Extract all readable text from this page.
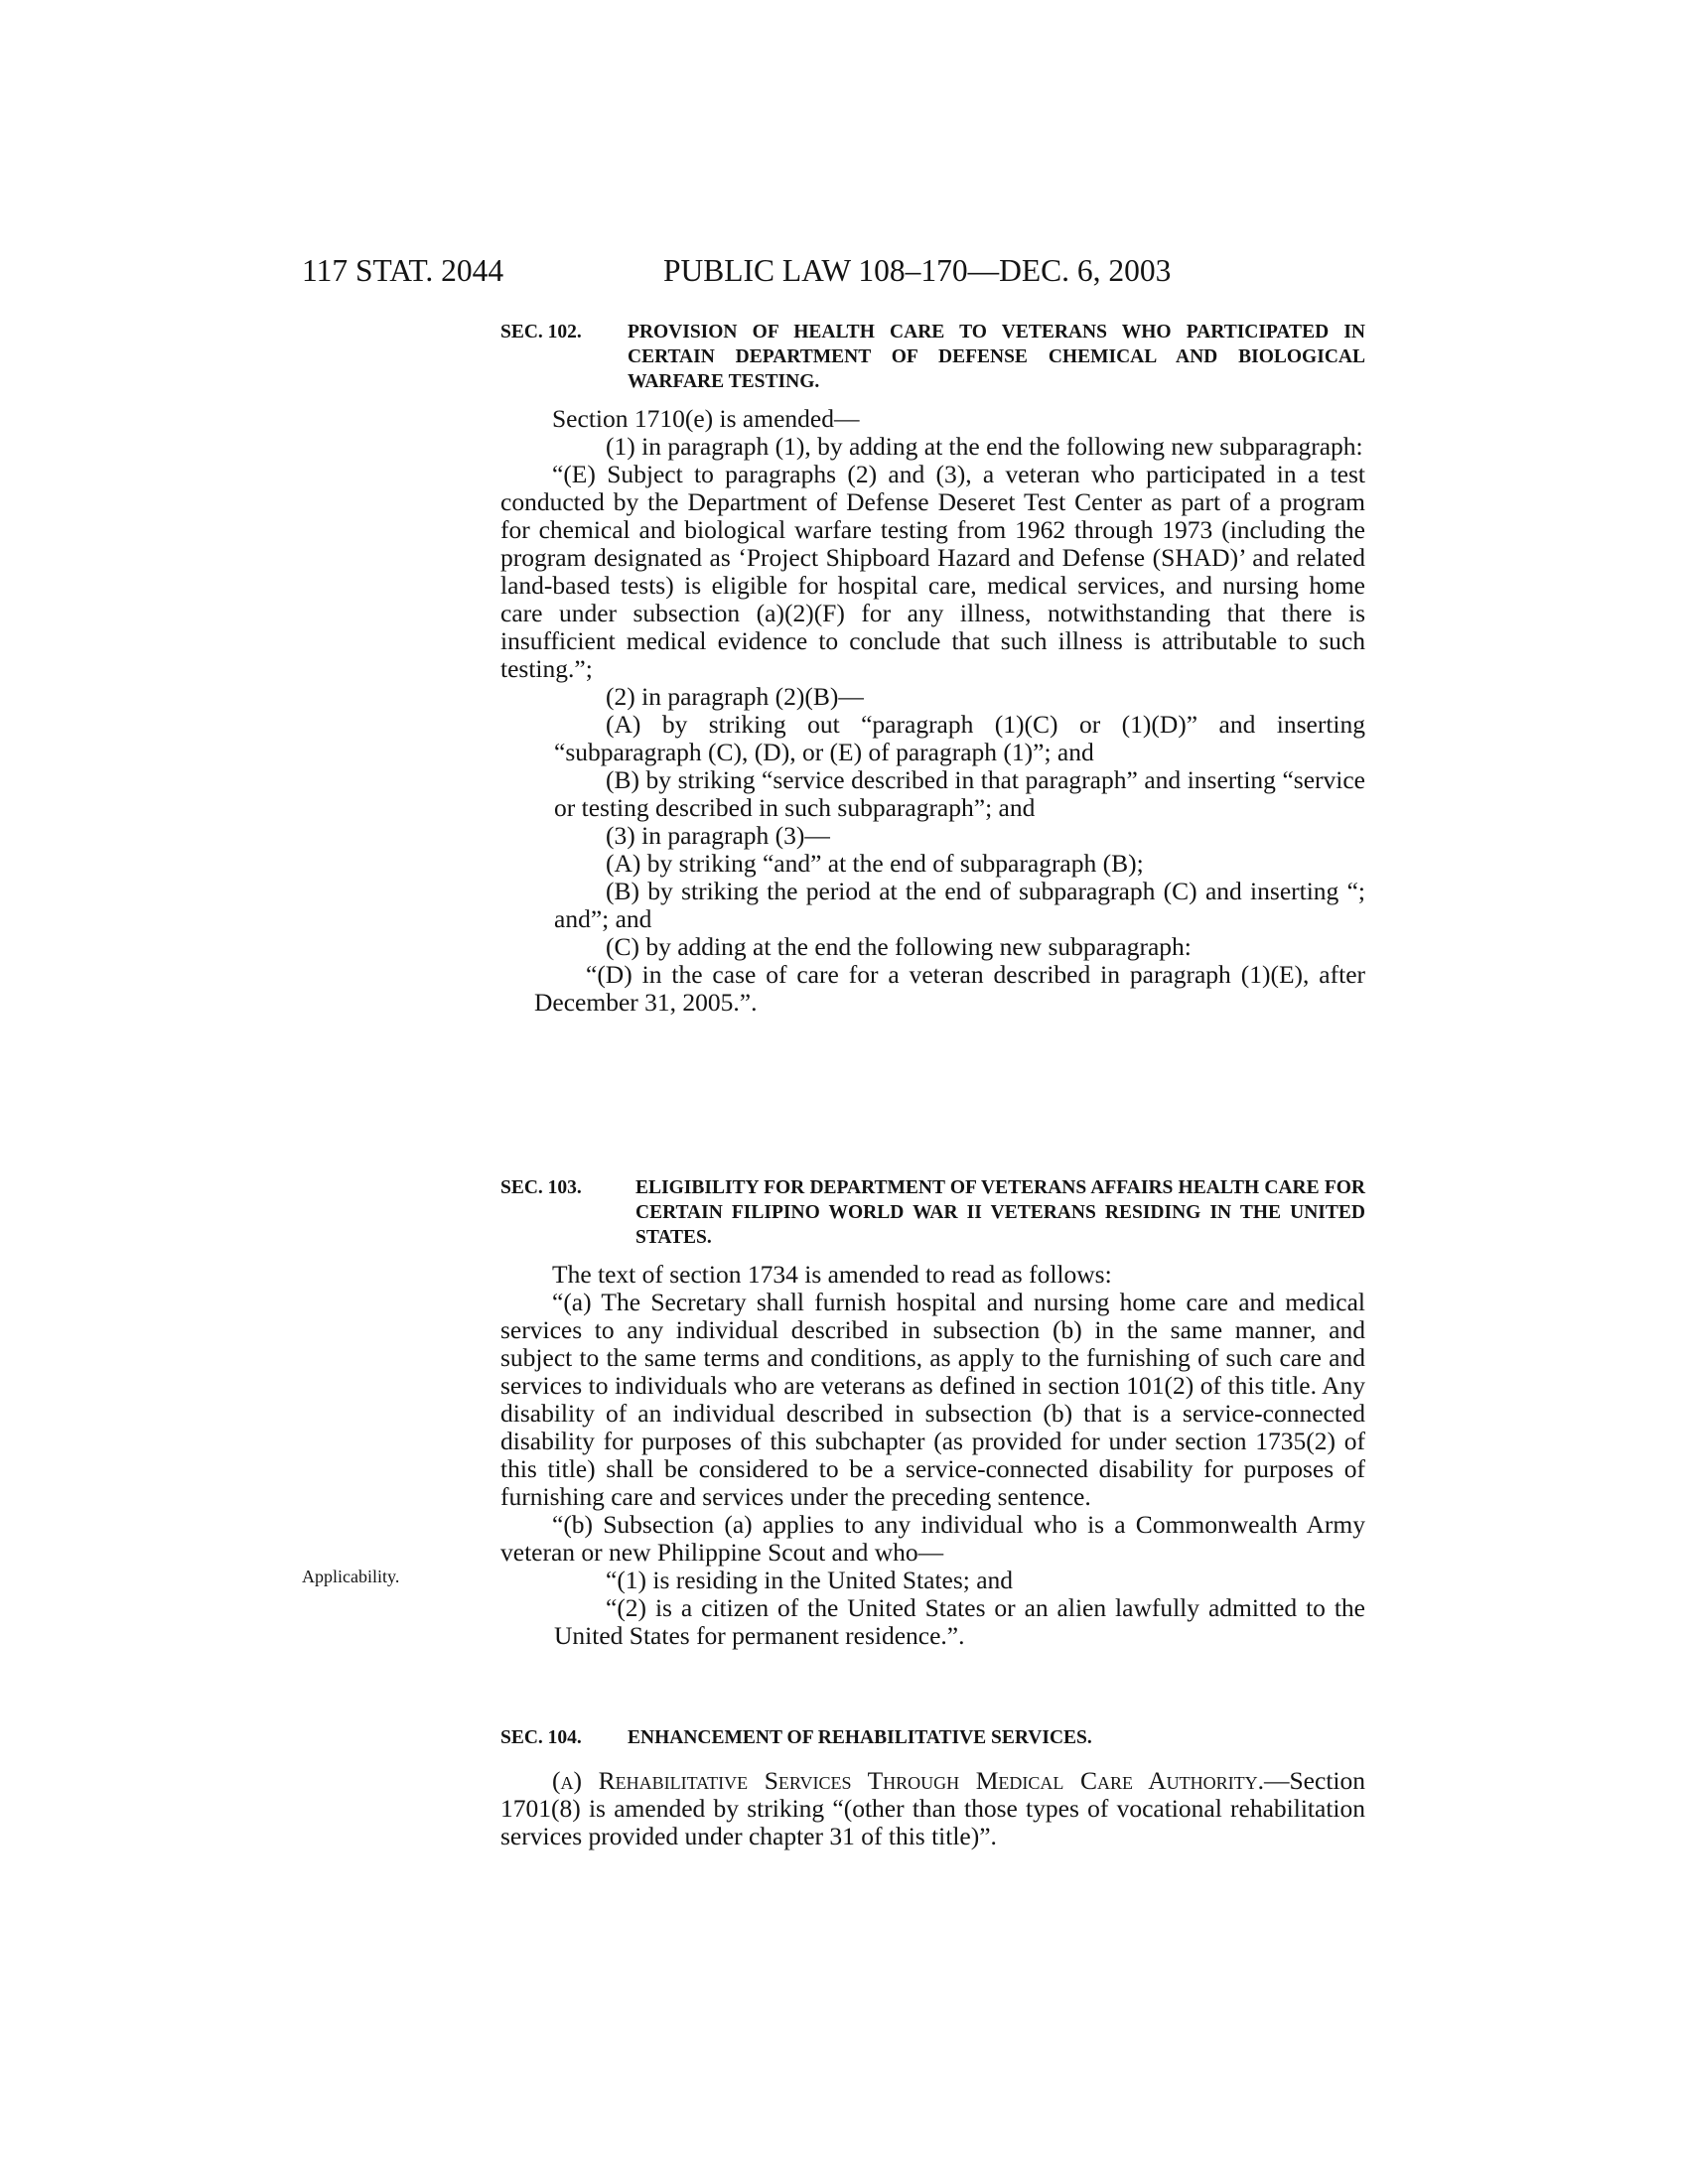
117 STAT. 2044	PUBLIC LAW 108–170—DEC. 6, 2003
SEC. 102.	PROVISION OF HEALTH CARE TO VETERANS WHO PARTICIPATED IN CERTAIN DEPARTMENT OF DEFENSE CHEMICAL AND BIOLOGICAL WARFARE TESTING.

Section 1710(e) is amended—

(1) in paragraph (1), by adding at the end the following new subparagraph:

“(E) Subject to paragraphs (2) and (3), a veteran who participated in a test conducted by the Department of Defense Deseret Test Center as part of a program for chemical and biological warfare testing from 1962 through 1973 (including the program designated as ‘Project Shipboard Hazard and Defense (SHAD)’ and related land-based tests) is eligible for hospital care, medical services, and nursing home care under subsection (a)(2)(F) for any illness, notwithstanding that there is insufficient medical evidence to conclude that such illness is attributable to such testing.”;

(2) in paragraph (2)(B)—

(A) by striking out “paragraph (1)(C) or (1)(D)” and inserting “subparagraph (C), (D), or (E) of paragraph (1)”; and

(B) by striking “service described in that paragraph” and inserting “service or testing described in such subparagraph”; and

(3) in paragraph (3)—

(A) by striking “and” at the end of subparagraph (B);

(B) by striking the period at the end of subparagraph (C) and inserting “; and”; and

(C) by adding at the end the following new subparagraph:

“(D) in the case of care for a veteran described in paragraph (1)(E), after December 31, 2005.”.

SEC. 103.	ELIGIBILITY FOR DEPARTMENT OF VETERANS AFFAIRS HEALTH CARE FOR CERTAIN FILIPINO WORLD WAR II VETERANS RESIDING IN THE UNITED STATES.

The text of section 1734 is amended to read as follows:

“(a) The Secretary shall furnish hospital and nursing home care and medical services to any individual described in subsection (b) in the same manner, and subject to the same terms and conditions, as apply to the furnishing of such care and services to individuals who are veterans as defined in section 101(2) of this title. Any disability of an individual described in subsection (b) that is a service-connected disability for purposes of this subchapter (as provided for under section 1735(2) of this title) shall be considered to be a service-connected disability for purposes of furnishing care and services under the preceding sentence.

“(b) Subsection (a) applies to any individual who is a Commonwealth Army veteran or new Philippine Scout and who—

“(1) is residing in the United States; and

“(2) is a citizen of the United States or an alien lawfully admitted to the United States for permanent residence.”.

Applicability.
SEC. 104.	ENHANCEMENT OF REHABILITATIVE SERVICES.

(a) Rehabilitative Services Through Medical Care Authority.—Section 1701(8) is amended by striking “(other than those types of vocational rehabilitation services provided under chapter 31 of this title)”.
